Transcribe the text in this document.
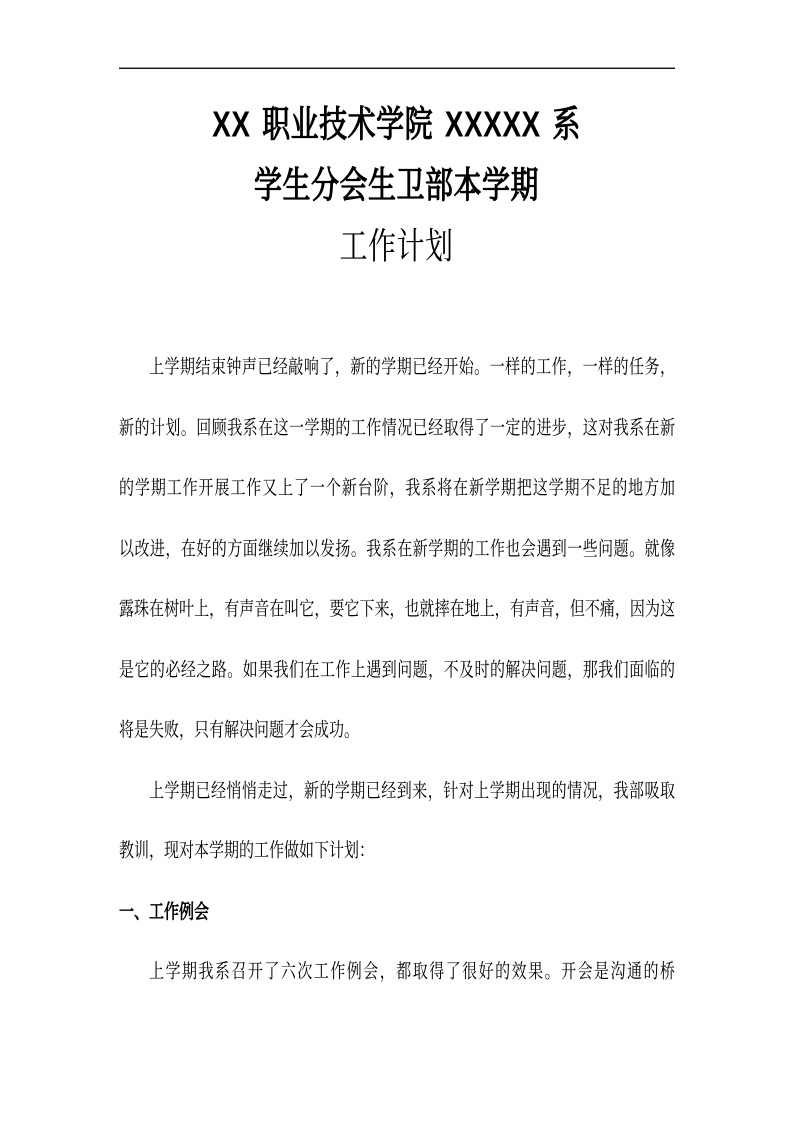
XX 职业技术学院 XXXXX 系
学生分会生卫部本学期
工作计划
上学期结束钟声已经敲响了，新的学期已经开始。一样的工作，一样的任务，
新的计划。回顾我系在这一学期的工作情况已经取得了一定的进步，这对我系在新
的学期工作开展工作又上了一个新台阶，我系将在新学期把这学期不足的地方加
以改进，在好的方面继续加以发扬。我系在新学期的工作也会遇到一些问题。就像
露珠在树叶上，有声音在叫它，要它下来，也就摔在地上，有声音，但不痛，因为这
是它的必经之路。如果我们在工作上遇到问题，不及时的解决问题，那我们面临的
将是失败，只有解决问题才会成功。
上学期已经悄悄走过，新的学期已经到来，针对上学期出现的情况，我部吸取
教训，现对本学期的工作做如下计划：
一、工作例会
上学期我系召开了六次工作例会，都取得了很好的效果。开会是沟通的桥
